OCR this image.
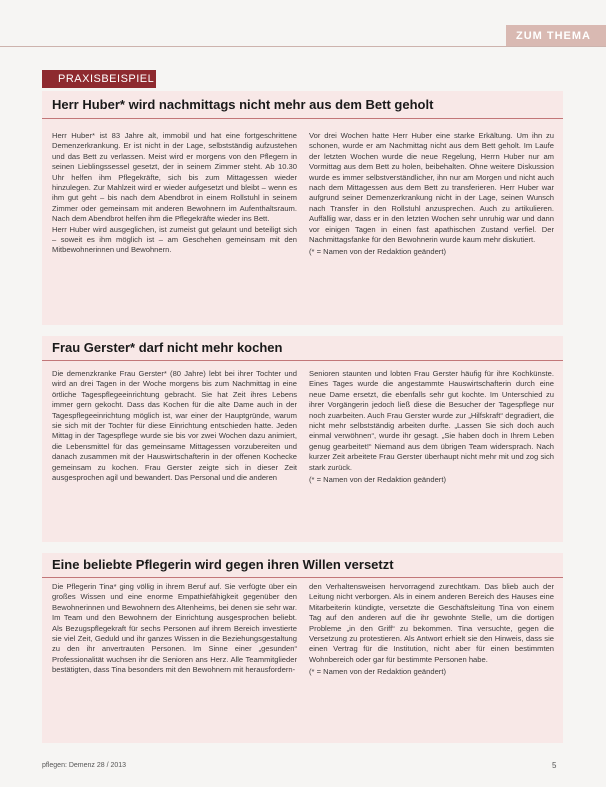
ZUM THEMA
PRAXISBEISPIEL
Herr Huber* wird nachmittags nicht mehr aus dem Bett geholt

Herr Huber* ist 83 Jahre alt, immobil und hat eine fortgeschrittene Demenzerkrankung. Er ist nicht in der Lage, selbstständig aufzustehen und das Bett zu verlassen. Meist wird er morgens von den Pflegern in seinen Lieblingssessel gesetzt, der in seinem Zimmer steht. Ab 10.30 Uhr helfen ihm Pflegekräfte, sich bis zum Mittagessen wieder hinzulegen. Zur Mahlzeit wird er wieder aufgesetzt und bleibt – wenn es ihm gut geht – bis nach dem Abendbrot in einem Rollstuhl in seinem Zimmer oder gemeinsam mit anderen Bewohnern im Aufenthaltsraum. Nach dem Abendbrot helfen ihm die Pflegekräfte wieder ins Bett.

Herr Huber wird ausgeglichen, ist zumeist gut gelaunt und beteiligt sich – soweit es ihm möglich ist – am Geschehen gemeinsam mit den Mitbewohnerinnen und Bewohnern.

Vor drei Wochen hatte Herr Huber eine starke Erkältung. Um ihn zu schonen, wurde er am Nachmittag nicht aus dem Bett geholt. Im Laufe der letzten Wochen wurde die neue Regelung, Herrn Huber nur am Vormittag aus dem Bett zu holen, beibehalten. Ohne weitere Diskussion wurde es immer selbstverständlicher, ihn nur am Morgen und nicht auch nach dem Mittagessen aus dem Bett zu transferieren. Herr Huber war aufgrund seiner Demenzerkrankung nicht in der Lage, seinen Wunsch nach Transfer in den Rollstuhl anzusprechen. Auch zu artikulieren. Auffällig war, dass er in den letzten Wochen sehr unruhig war und dann vor einigen Tagen in einen fast apathischen Zustand verfiel. Der Nachmittagsfanke für den Bewohnerin wurde kaum mehr diskutiert.

(* = Namen von der Redaktion geändert)

Frau Gerster* darf nicht mehr kochen

Die demenzkranke Frau Gerster* (80 Jahre) lebt bei ihrer Tochter und wird an drei Tagen in der Woche morgens bis zum Nachmittag in eine örtliche Tagespflegeeinrichtung gebracht. Sie hat Zeit ihres Lebens immer gern gekocht. Dass das Kochen für die alte Dame auch in der Tagespflegeeinrichtung möglich ist, war einer der Hauptgründe, warum sie sich mit der Tochter für diese Einrichtung entschieden hatte. Jeden Mittag in der Tagespflege wurde sie bis vor zwei Wochen dazu animiert, die Lebensmittel für das gemeinsame Mittagessen vorzubereiten und danach zusammen mit der Hauswirtschafterin in der offenen Kochecke gemeinsam zu kochen. Frau Gerster zeigte sich in dieser Zeit ausgesprochen agil und bewandert. Das Personal und die anderen

Senioren staunten und lobten Frau Gerster häufig für ihre Kochkünste. Eines Tages wurde die angestammte Hauswirtschafterin durch eine neue Dame ersetzt, die ebenfalls sehr gut kochte. Im Unterschied zu ihrer Vorgängerin jedoch ließ diese die Besucher der Tagespflege nur noch zuarbeiten. Auch Frau Gerster wurde zur „Hilfskraft“ degradiert, die nicht mehr selbstständig arbeiten durfte. „Lassen Sie sich doch auch einmal verwöhnen“, wurde ihr gesagt. „Sie haben doch in Ihrem Leben genug gearbeitet!“ Niemand aus dem übrigen Team widersprach. Nach kurzer Zeit arbeitete Frau Gerster überhaupt nicht mehr mit und zog sich stark zurück.

(* = Namen von der Redaktion geändert)

Eine beliebte Pflegerin wird gegen ihren Willen versetzt

Die Pflegerin Tina* ging völlig in ihrem Beruf auf. Sie verfügte über ein großes Wissen und eine enorme Empathiefähigkeit gegenüber den Bewohnerinnen und Bewohnern des Altenheims, bei denen sie sehr war. Im Team und den Bewohnern der Einrichtung ausgesprochen beliebt. Als Bezugspflegekraft für sechs Personen auf ihrem Bereich investierte sie viel Zeit, Geduld und ihr ganzes Wissen in die Beziehungsgestaltung zu den ihr anvertrauten Personen. Im Sinne einer „gesunden“ Professionalität wuchsen ihr die Senioren ans Herz. Alle Teammitglieder bestätigten, dass Tina besonders mit den Bewohnern mit herausfordern-

den Verhaltensweisen hervorragend zurechtkam. Das blieb auch der Leitung nicht verborgen. Als in einem anderen Bereich des Hauses eine Mitarbeiterin kündigte, versetzte die Geschäftsleitung Tina von einem Tag auf den anderen auf die ihr gewohnte Stelle, um die dortigen Probleme „in den Griff“ zu bekommen. Tina versuchte, gegen die Versetzung zu protestieren. Als Antwort erhielt sie den Hinweis, dass sie einen Vertrag für die Institution, nicht aber für einen bestimmten Wohnbereich oder gar für bestimmte Personen habe.

(* = Namen von der Redaktion geändert)

pflegen: Demenz 28 / 2013	5
